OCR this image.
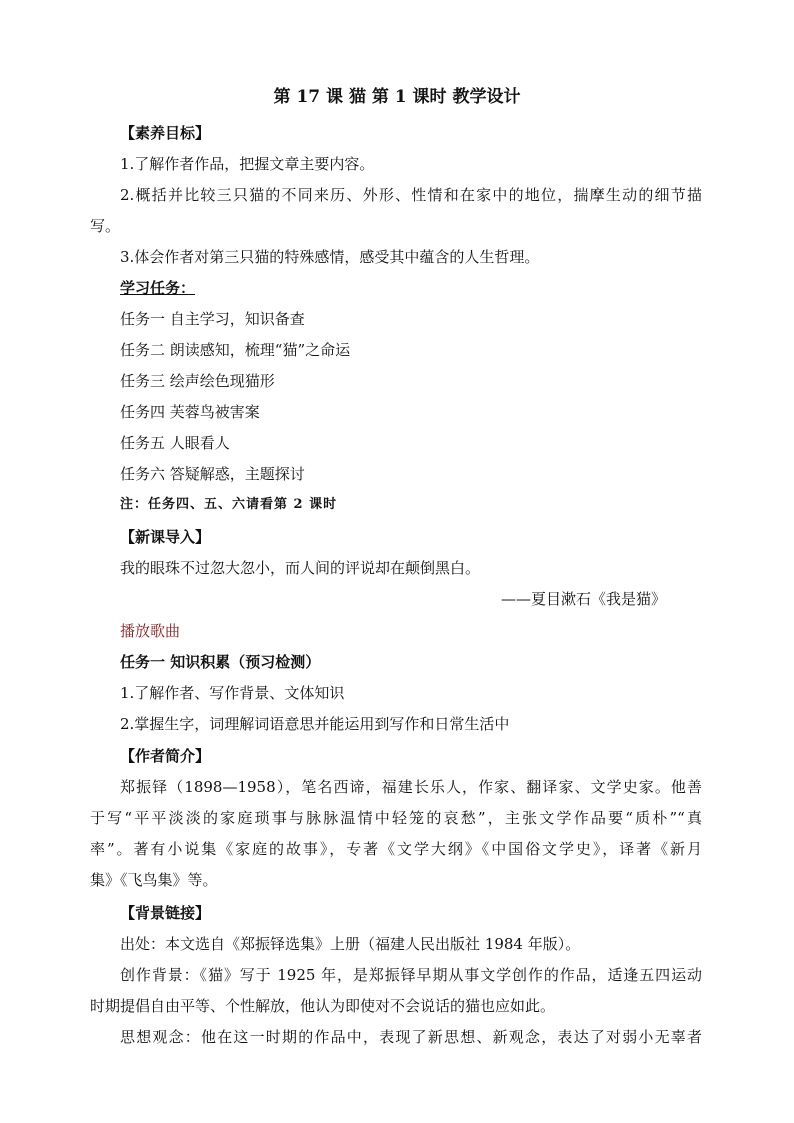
第 17 课 猫 第 1 课时 教学设计
【素养目标】
1.了解作者作品，把握文章主要内容。
2.概括并比较三只猫的不同来历、外形、性情和在家中的地位，揣摩生动的细节描
写。
3.体会作者对第三只猫的特殊感情，感受其中蕴含的人生哲理。
学习任务：
任务一 自主学习，知识备查
任务二 朗读感知，梳理“猫”之命运
任务三 绘声绘色现猫形
任务四 芙蓉鸟被害案
任务五 人眼看人
任务六 答疑解惑，主题探讨
注：任务四、五、六请看第 2 课时
【新课导入】
我的眼珠不过忽大忽小，而人间的评说却在颠倒黑白。
——夏目漱石《我是猫》
播放歌曲
任务一 知识积累（预习检测）
1.了解作者、写作背景、文体知识
2.掌握生字，词理解词语意思并能运用到写作和日常生活中
【作者简介】
郑振铎（1898—1958），笔名西谛，福建长乐人，作家、翻译家、文学史家。他善
于写“平平淡淡的家庭琐事与脉脉温情中轻笼的哀愁”，主张文学作品要“质朴”“真
率”。著有小说集《家庭的故事》，专著《文学大纲》《中国俗文学史》，译著《新月
集》《飞鸟集》等。
【背景链接】
出处：本文选自《郑振铎选集》上册（福建人民出版社 1984 年版）。
创作背景：《猫》写于 1925 年，是郑振铎早期从事文学创作的作品，适逢五四运动
时期提倡自由平等、个性解放，他认为即使对不会说话的猫也应如此。
思想观念：他在这一时期的作品中，表现了新思想、新观念，表达了对弱小无辜者
